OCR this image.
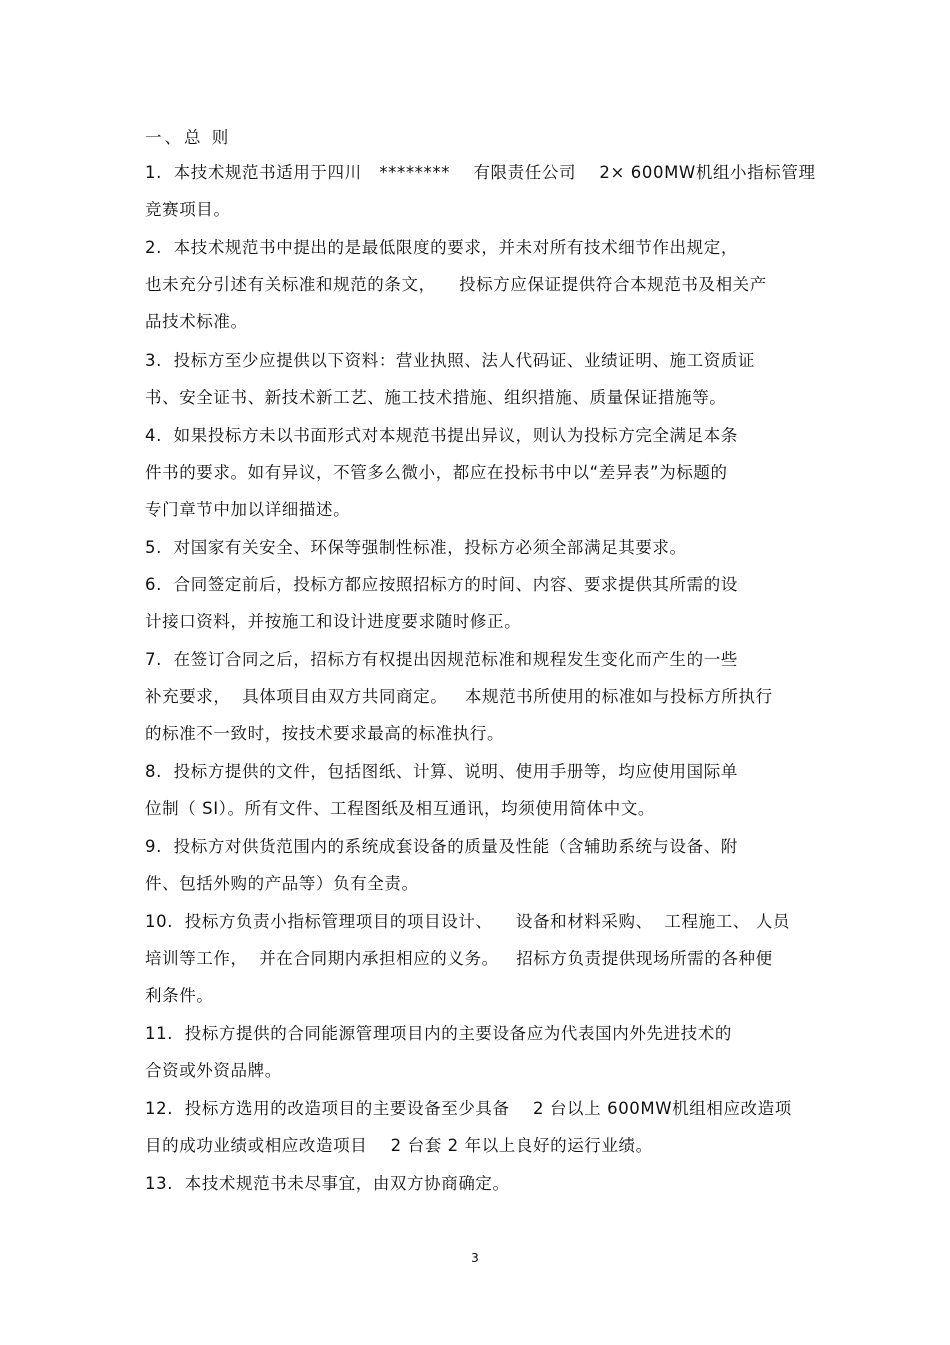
一、总 则
1.  本技术规范书适用于四川   ********    有限责任公司    2× 600MW机组小指标管理
竞赛项目。
2.  本技术规范书中提出的是最低限度的要求，并未对所有技术细节作出规定，
也未充分引述有关标准和规范的条文，    投标方应保证提供符合本规范书及相关产
品技术标准。
3.  投标方至少应提供以下资料：营业执照、法人代码证、业绩证明、施工资质证
书、安全证书、新技术新工艺、施工技术措施、组织措施、质量保证措施等。
4.  如果投标方未以书面形式对本规范书提出异议，则认为投标方完全满足本条
件书的要求。如有异议，不管多么微小，都应在投标书中以“差异表”为标题的
专门章节中加以详细描述。
5.  对国家有关安全、环保等强制性标准，投标方必须全部满足其要求。
6.  合同签定前后，投标方都应按照招标方的时间、内容、要求提供其所需的设
计接口资料，并按施工和设计进度要求随时修正。
7.  在签订合同之后，招标方有权提出因规范标准和规程发生变化而产生的一些
补充要求，  具体项目由双方共同商定。   本规范书所使用的标准如与投标方所执行
的标准不一致时，按技术要求最高的标准执行。
8.  投标方提供的文件，包括图纸、计算、说明、使用手册等，均应使用国际单
位制（ SI）。所有文件、工程图纸及相互通讯，均须使用简体中文。
9.  投标方对供货范围内的系统成套设备的质量及性能（含辅助系统与设备、附
件、包括外购的产品等）负有全责。
10.  投标方负责小指标管理项目的项目设计、    设备和材料采购、  工程施工、 人员
培训等工作，  并在合同期内承担相应的义务。   招标方负责提供现场所需的各种便
利条件。
11.  投标方提供的合同能源管理项目内的主要设备应为代表国内外先进技术的
合资或外资品牌。
12.  投标方选用的改造项目的主要设备至少具备    2 台以上 600MW机组相应改造项
目的成功业绩或相应改造项目    2 台套 2 年以上良好的运行业绩。
13.  本技术规范书未尽事宜，由双方协商确定。
3
